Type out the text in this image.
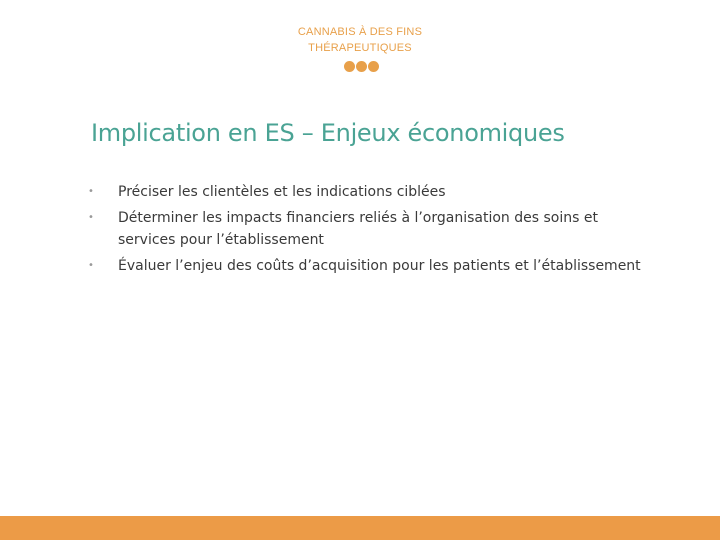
CANNABIS À DES FINS
THÉRAPEUTIQUES
Implication en ES – Enjeux économiques
• Préciser les clientèles et les indications ciblées
• Déterminer les impacts financiers reliés à l’organisation des soins et services pour l’établissement
• Évaluer l’enjeu des coûts d’acquisition pour les patients et l’établissement
